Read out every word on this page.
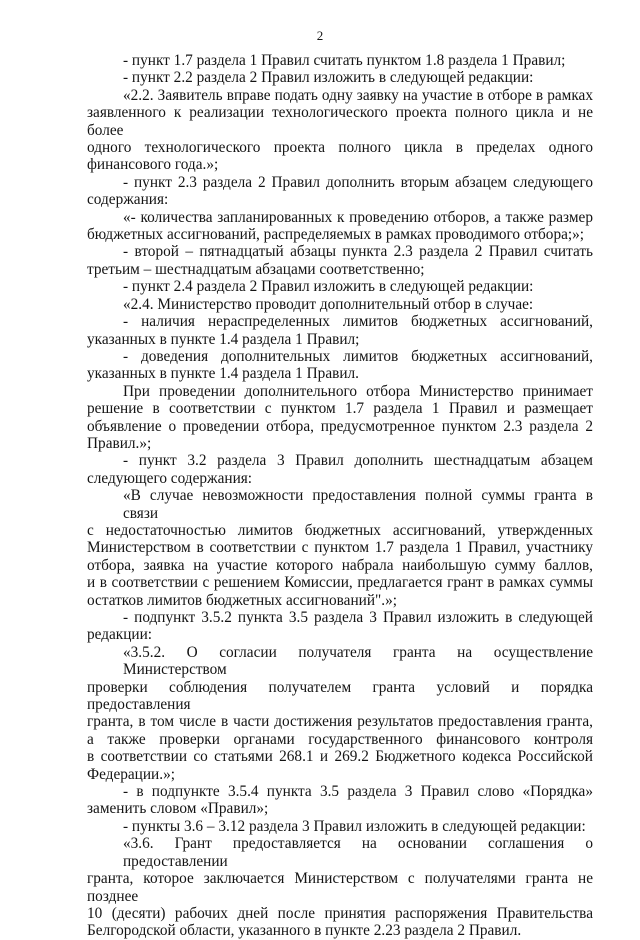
2
- пункт 1.7 раздела 1 Правил считать пунктом 1.8 раздела 1 Правил;
- пункт 2.2 раздела 2 Правил изложить в следующей редакции:
«2.2. Заявитель вправе подать одну заявку на участие в отборе в рамках
заявленного к реализации технологического проекта полного цикла и не более
одного технологического проекта полного цикла в пределах одного
финансового года.»;
- пункт 2.3 раздела 2 Правил дополнить вторым абзацем следующего
содержания:
«- количества запланированных к проведению отборов, а также размер
бюджетных ассигнований, распределяемых в рамках проводимого отбора;»;
- второй – пятнадцатый абзацы пункта 2.3 раздела 2 Правил считать
третьим – шестнадцатым абзацами соответственно;
- пункт 2.4 раздела 2 Правил изложить в следующей редакции:
«2.4. Министерство проводит дополнительный отбор в случае:
- наличия нераспределенных лимитов бюджетных ассигнований,
указанных в пункте 1.4 раздела 1 Правил;
- доведения дополнительных лимитов бюджетных ассигнований,
указанных в пункте 1.4 раздела 1 Правил.
При проведении дополнительного отбора Министерство принимает
решение в соответствии с пунктом 1.7 раздела 1 Правил и размещает
объявление о проведении отбора, предусмотренное пунктом 2.3 раздела 2
Правил.»;
- пункт 3.2 раздела 3 Правил дополнить шестнадцатым абзацем
следующего содержания:
«В случае невозможности предоставления полной суммы гранта в связи
с недостаточностью лимитов бюджетных ассигнований, утвержденных
Министерством в соответствии с пунктом 1.7 раздела 1 Правил, участнику
отбора, заявка на участие которого набрала наибольшую сумму баллов,
и в соответствии с решением Комиссии, предлагается грант в рамках суммы
остатков лимитов бюджетных ассигнований".»;
- подпункт 3.5.2 пункта 3.5 раздела 3 Правил изложить в следующей
редакции:
«3.5.2. О согласии получателя гранта на осуществление Министерством
проверки соблюдения получателем гранта условий и порядка предоставления
гранта, в том числе в части достижения результатов предоставления гранта,
а также проверки органами государственного финансового контроля
в соответствии со статьями 268.1 и 269.2 Бюджетного кодекса Российской
Федерации.»;
- в подпункте 3.5.4 пункта 3.5 раздела 3 Правил слово «Порядка»
заменить словом «Правил»;
- пункты 3.6 – 3.12 раздела 3 Правил изложить в следующей редакции:
«3.6. Грант предоставляется на основании соглашения о предоставлении
гранта, которое заключается Министерством с получателями гранта не позднее
10 (десяти) рабочих дней после принятия распоряжения Правительства
Белгородской области, указанного в пункте 2.23 раздела 2 Правил.
